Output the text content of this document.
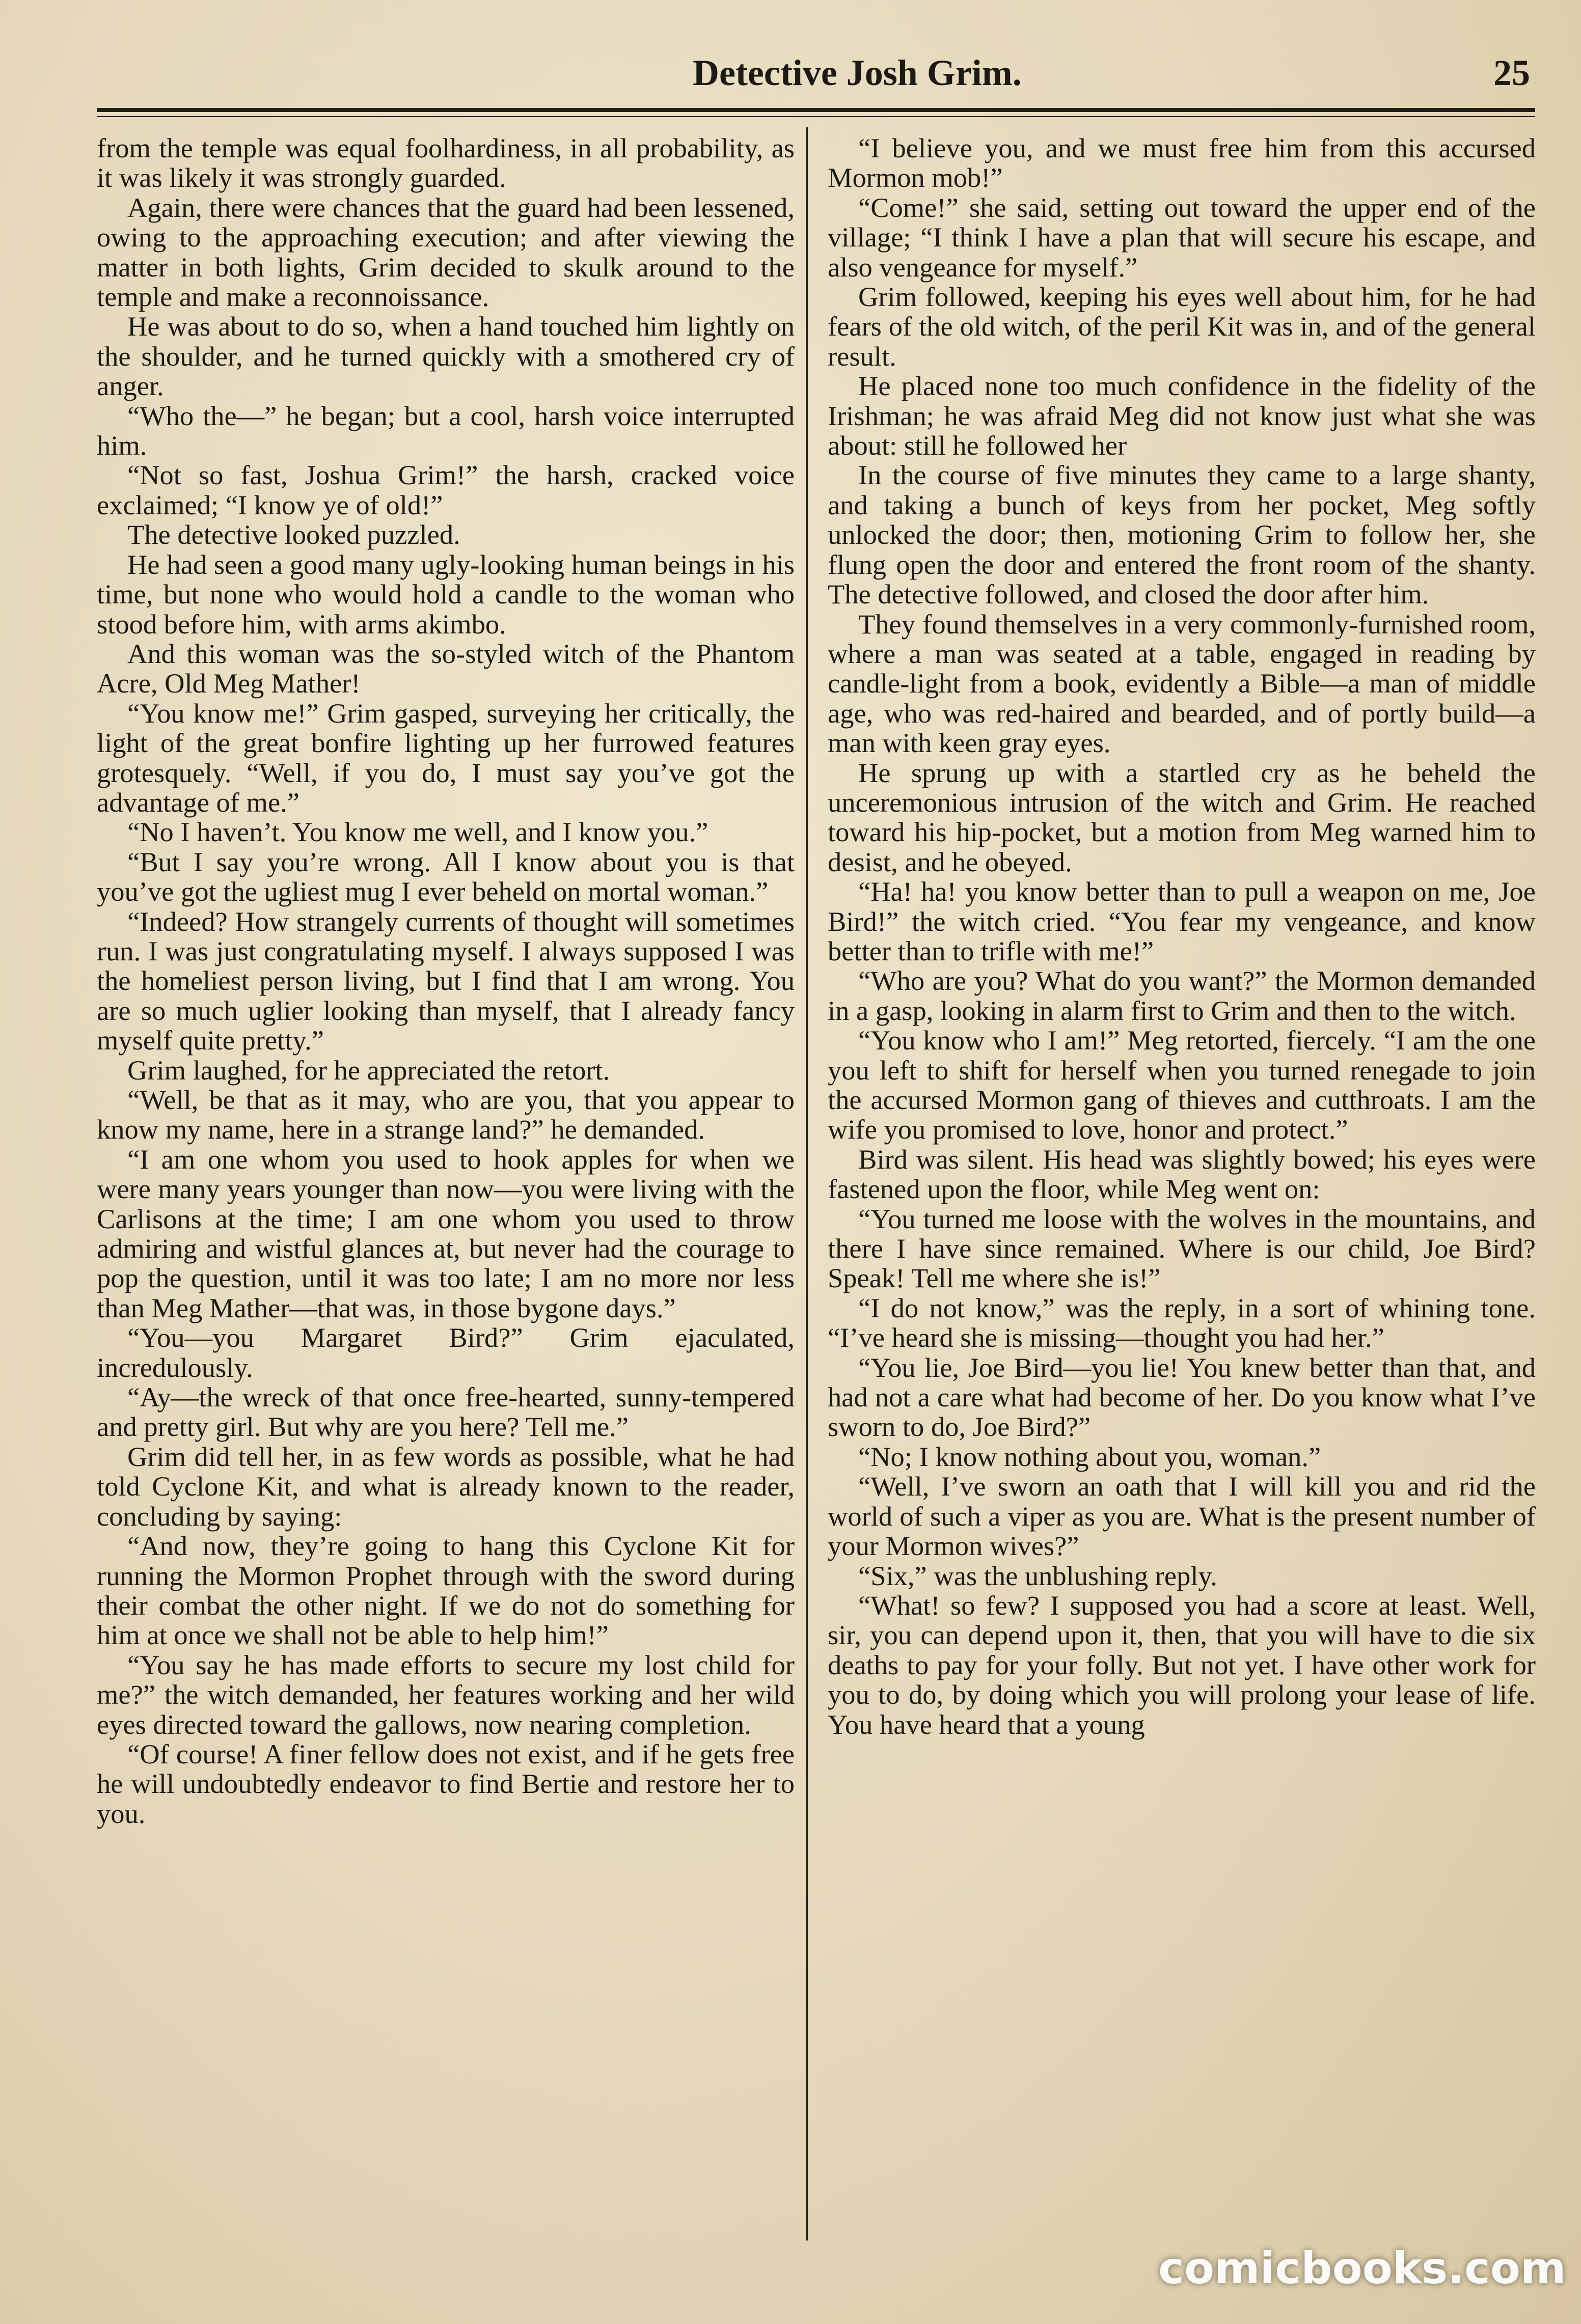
Detective Josh Grim.	25

from the temple was equal foolhardiness, in all probability, as it was likely it was strongly guarded.

Again, there were chances that the guard had been lessened, owing to the approaching execution; and after viewing the matter in both lights, Grim decided to skulk around to the temple and make a reconnoissance.

He was about to do so, when a hand touched him lightly on the shoulder, and he turned quickly with a smothered cry of anger.

“Who the—” he began; but a cool, harsh voice interrupted him.

“Not so fast, Joshua Grim!” the harsh, cracked voice exclaimed; “I know ye of old!”

The detective looked puzzled.

He had seen a good many ugly-looking human beings in his time, but none who would hold a candle to the woman who stood before him, with arms akimbo.

And this woman was the so-styled witch of the Phantom Acre, Old Meg Mather!

“You know me!” Grim gasped, surveying her critically, the light of the great bonfire lighting up her furrowed features grotesquely. “Well, if you do, I must say you’ve got the advantage of me.”

“No I haven’t. You know me well, and I know you.”

“But I say you’re wrong. All I know about you is that you’ve got the ugliest mug I ever beheld on mortal woman.”

“Indeed? How strangely currents of thought will sometimes run. I was just congratulating myself. I always supposed I was the homeliest person living, but I find that I am wrong. You are so much uglier looking than myself, that I already fancy myself quite pretty.”

Grim laughed, for he appreciated the retort.

“Well, be that as it may, who are you, that you appear to know my name, here in a strange land?” he demanded.

“I am one whom you used to hook apples for when we were many years younger than now—you were living with the Carlisons at the time; I am one whom you used to throw admiring and wistful glances at, but never had the courage to pop the question, until it was too late; I am no more nor less than Meg Mather—that was, in those bygone days.”

“You—you Margaret Bird?” Grim ejaculated, incredulously.

“Ay—the wreck of that once free-hearted, sunny-tempered and pretty girl. But why are you here? Tell me.”

Grim did tell her, in as few words as possible, what he had told Cyclone Kit, and what is already known to the reader, concluding by saying:

“And now, they’re going to hang this Cyclone Kit for running the Mormon Prophet through with the sword during their combat the other night. If we do not do something for him at once we shall not be able to help him!”

“You say he has made efforts to secure my lost child for me?” the witch demanded, her features working and her wild eyes directed toward the gallows, now nearing completion.

“Of course! A finer fellow does not exist, and if he gets free he will undoubtedly endeavor to find Bertie and restore her to you.

“I believe you, and we must free him from this accursed Mormon mob!”

“Come!” she said, setting out toward the upper end of the village; “I think I have a plan that will secure his escape, and also vengeance for myself.”

Grim followed, keeping his eyes well about him, for he had fears of the old witch, of the peril Kit was in, and of the general result.

He placed none too much confidence in the fidelity of the Irishman; he was afraid Meg did not know just what she was about: still he followed her

In the course of five minutes they came to a large shanty, and taking a bunch of keys from her pocket, Meg softly unlocked the door; then, motioning Grim to follow her, she flung open the door and entered the front room of the shanty. The detective followed, and closed the door after him.

They found themselves in a very commonly-furnished room, where a man was seated at a table, engaged in reading by candle-light from a book, evidently a Bible—a man of middle age, who was red-haired and bearded, and of portly build—a man with keen gray eyes.

He sprung up with a startled cry as he beheld the unceremonious intrusion of the witch and Grim. He reached toward his hip-pocket, but a motion from Meg warned him to desist, and he obeyed.

“Ha! ha! you know better than to pull a weapon on me, Joe Bird!” the witch cried. “You fear my vengeance, and know better than to trifle with me!”

“Who are you? What do you want?” the Mormon demanded in a gasp, looking in alarm first to Grim and then to the witch.

“You know who I am!” Meg retorted, fiercely. “I am the one you left to shift for herself when you turned renegade to join the accursed Mormon gang of thieves and cutthroats. I am the wife you promised to love, honor and protect.”

Bird was silent. His head was slightly bowed; his eyes were fastened upon the floor, while Meg went on:

“You turned me loose with the wolves in the mountains, and there I have since remained. Where is our child, Joe Bird? Speak! Tell me where she is!”

“I do not know,” was the reply, in a sort of whining tone. “I’ve heard she is missing—thought you had her.”

“You lie, Joe Bird—you lie! You knew better than that, and had not a care what had become of her. Do you know what I’ve sworn to do, Joe Bird?”

“No; I know nothing about you, woman.”

“Well, I’ve sworn an oath that I will kill you and rid the world of such a viper as you are. What is the present number of your Mormon wives?”

“Six,” was the unblushing reply.

“What! so few? I supposed you had a score at least. Well, sir, you can depend upon it, then, that you will have to die six deaths to pay for your folly. But not yet. I have other work for you to do, by doing which you will prolong your lease of life. You have heard that a young

comicbooks.com
